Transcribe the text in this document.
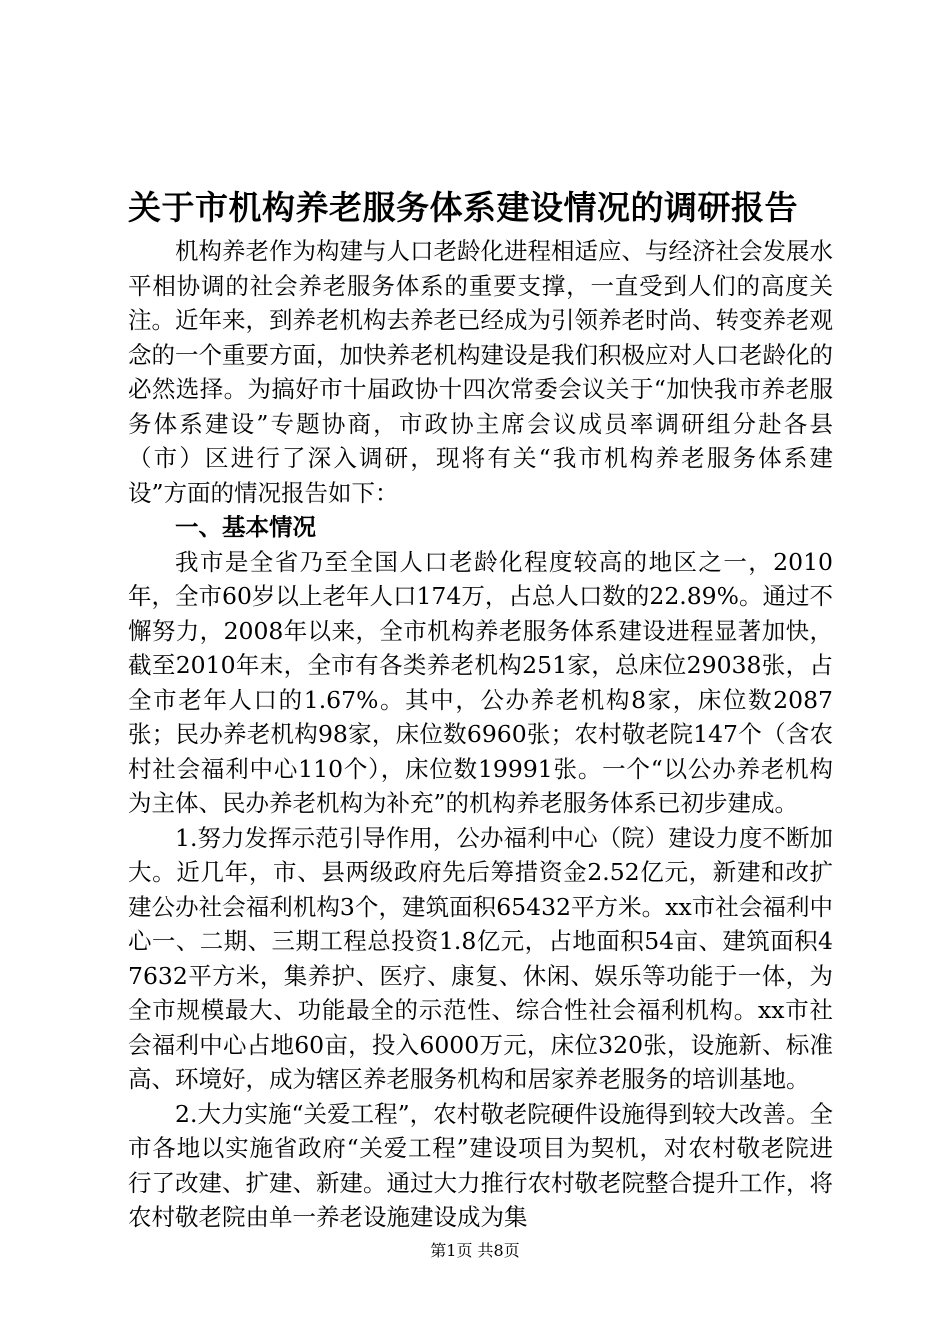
关于市机构养老服务体系建设情况的调研报告

机构养老作为构建与人口老龄化进程相适应、与经济社会发展水平相协调的社会养老服务体系的重要支撑，一直受到人们的高度关注。近年来，到养老机构去养老已经成为引领养老时尚、转变养老观念的一个重要方面，加快养老机构建设是我们积极应对人口老龄化的必然选择。为搞好市十届政协十四次常委会议关于“加快我市养老服务体系建设”专题协商，市政协主席会议成员率调研组分赴各县（市）区进行了深入调研，现将有关“我市机构养老服务体系建设”方面的情况报告如下：

一、基本情况

我市是全省乃至全国人口老龄化程度较高的地区之一，2010年，全市60岁以上老年人口174万，占总人口数的22.89%。通过不懈努力，2008年以来，全市机构养老服务体系建设进程显著加快，截至2010年末，全市有各类养老机构251家，总床位29038张，占全市老年人口的1.67%。其中，公办养老机构8家，床位数2087张；民办养老机构98家，床位数6960张；农村敬老院147个（含农村社会福利中心110个），床位数19991张。一个“以公办养老机构为主体、民办养老机构为补充”的机构养老服务体系已初步建成。

1.努力发挥示范引导作用，公办福利中心（院）建设力度不断加大。近几年，市、县两级政府先后筹措资金2.52亿元，新建和改扩建公办社会福利机构3个，建筑面积65432平方米。xx市社会福利中心一、二期、三期工程总投资1.8亿元，占地面积54亩、建筑面积47632平方米，集养护、医疗、康复、休闲、娱乐等功能于一体，为全市规模最大、功能最全的示范性、综合性社会福利机构。xx市社会福利中心占地60亩，投入6000万元，床位320张，设施新、标准高、环境好，成为辖区养老服务机构和居家养老服务的培训基地。

2.大力实施“关爱工程”，农村敬老院硬件设施得到较大改善。全市各地以实施省政府“关爱工程”建设项目为契机，对农村敬老院进行了改建、扩建、新建。通过大力推行农村敬老院整合提升工作，将农村敬老院由单一养老设施建设成为集

第1页 共8页
